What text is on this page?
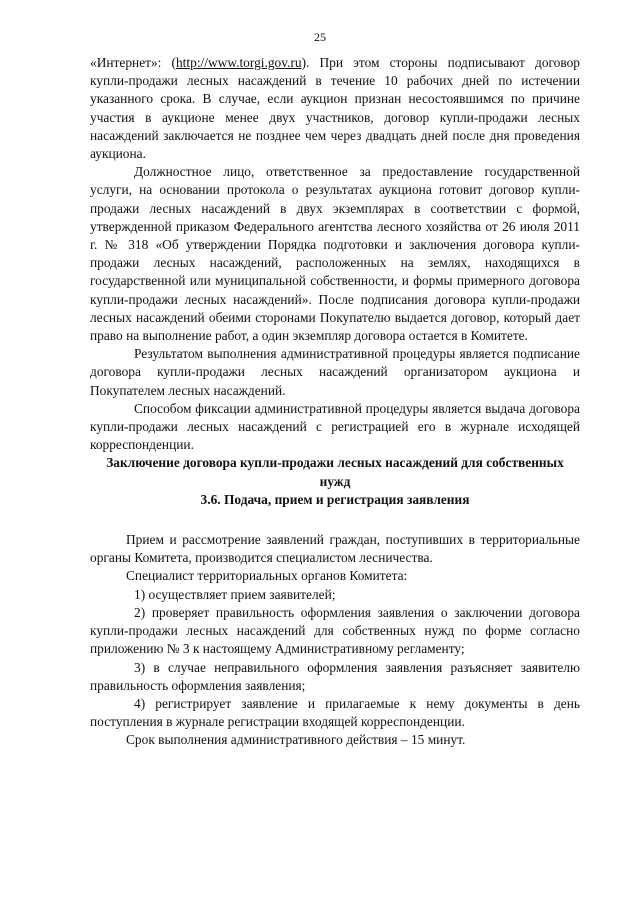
25

«Интернет»: (http://www.torgi.gov.ru). При этом стороны подписывают договор купли-продажи лесных насаждений в течение 10 рабочих дней по истечении указанного срока. В случае, если аукцион признан несостоявшимся по причине участия в аукционе менее двух участников, договор купли-продажи лесных насаждений заключается не позднее чем через двадцать дней после дня проведения аукциона.

Должностное лицо, ответственное за предоставление государственной услуги, на основании протокола о результатах аукциона готовит договор купли-продажи лесных насаждений в двух экземплярах в соответствии с формой, утвержденной приказом Федерального агентства лесного хозяйства от 26 июля 2011 г. № 318 «Об утверждении Порядка подготовки и заключения договора купли-продажи лесных насаждений, расположенных на землях, находящихся в государственной или муниципальной собственности, и формы примерного договора купли-продажи лесных насаждений». После подписания договора купли-продажи лесных насаждений обеими сторонами Покупателю выдается договор, который дает право на выполнение работ, а один экземпляр договора остается в Комитете.

Результатом выполнения административной процедуры является подписание договора купли-продажи лесных насаждений организатором аукциона и Покупателем лесных насаждений.

Способом фиксации административной процедуры является выдача договора купли-продажи лесных насаждений с регистрацией его в журнале исходящей корреспонденции.

Заключение договора купли-продажи лесных насаждений для собственных нужд

3.6. Подача, прием и регистрация заявления

Прием и рассмотрение заявлений граждан, поступивших в территориальные органы Комитета, производится специалистом лесничества.

Специалист территориальных органов Комитета:

1) осуществляет прием заявителей;

2) проверяет правильность оформления заявления о заключении договора купли-продажи лесных насаждений для собственных нужд по форме согласно приложению № 3 к настоящему Административному регламенту;

3) в случае неправильного оформления заявления разъясняет заявителю правильность оформления заявления;

4) регистрирует заявление и прилагаемые к нему документы в день поступления в журнале регистрации входящей корреспонденции.

Срок выполнения административного действия – 15 минут.
